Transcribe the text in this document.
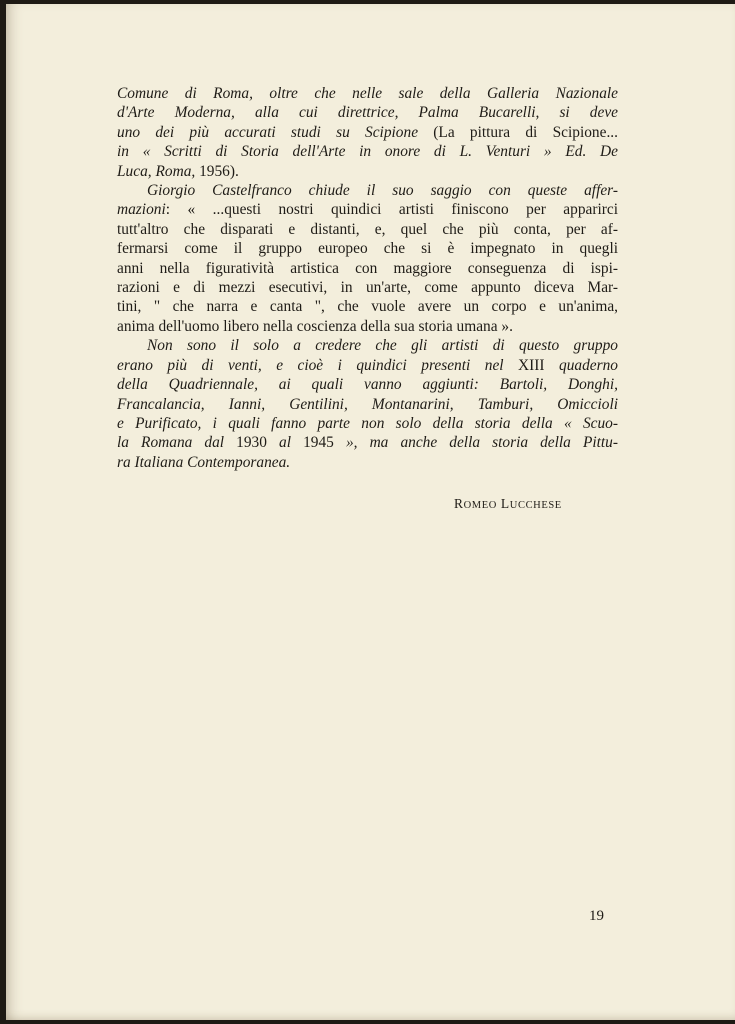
Comune di Roma, oltre che nelle sale della Galleria Nazionale
d'Arte Moderna, alla cui direttrice, Palma Bucarelli, si deve
uno dei più accurati studi su Scipione (La pittura di Scipione...
in « Scritti di Storia dell'Arte in onore di L. Venturi » Ed. De
Luca, Roma, 1956).
Giorgio Castelfranco chiude il suo saggio con queste affer-
mazioni: « ...questi nostri quindici artisti finiscono per apparirci
tutt'altro che disparati e distanti, e, quel che più conta, per af-
fermarsi come il gruppo europeo che si è impegnato in quegli
anni nella figuratività artistica con maggiore conseguenza di ispi-
razioni e di mezzi esecutivi, in un'arte, come appunto diceva Mar-
tini, " che narra e canta ", che vuole avere un corpo e un'anima,
anima dell'uomo libero nella coscienza della sua storia umana ».
Non sono il solo a credere che gli artisti di questo gruppo
erano più di venti, e cioè i quindici presenti nel XIII quaderno
della Quadriennale, ai quali vanno aggiunti: Bartoli, Donghi,
Francalancia, Ianni, Gentilini, Montanarini, Tamburi, Omiccioli
e Purificato, i quali fanno parte non solo della storia della « Scuo-
la Romana dal 1930 al 1945 », ma anche della storia della Pittu-
ra Italiana Contemporanea.
ROMEO LUCCHESE
19
